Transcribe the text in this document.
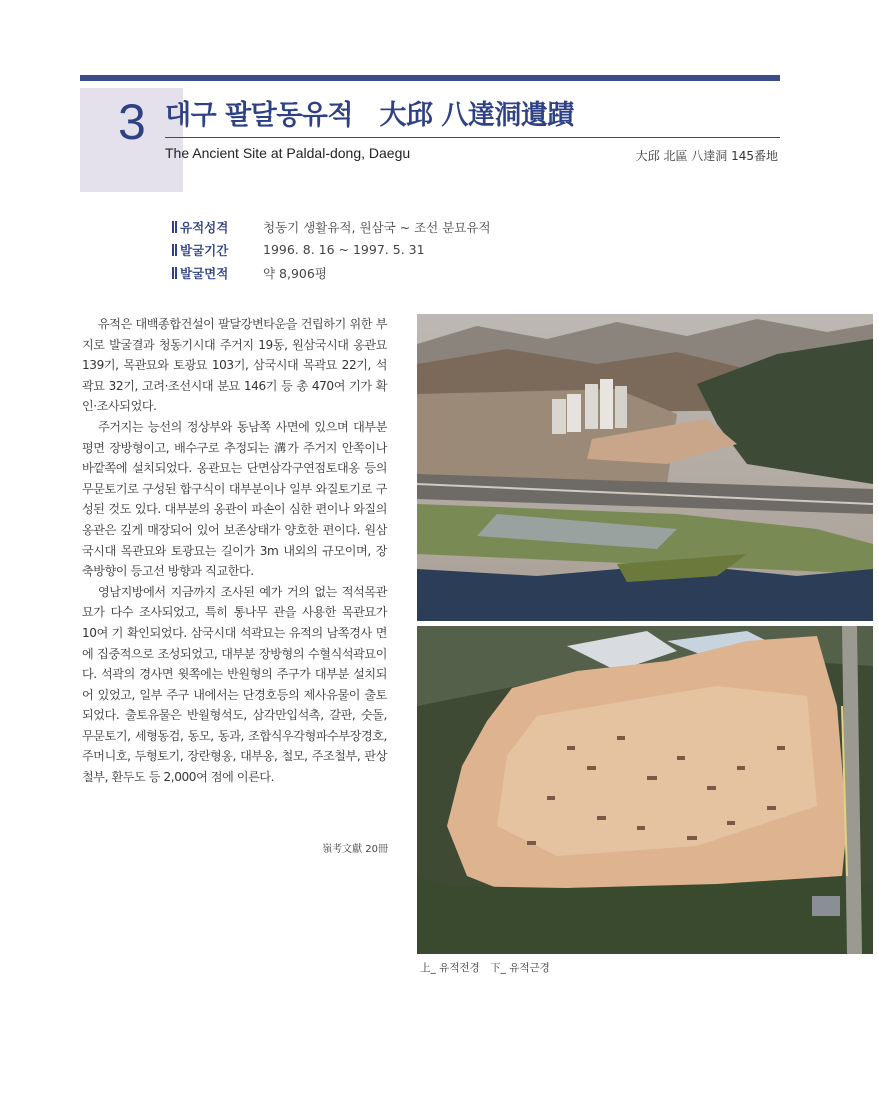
3 대구 팔달동유적　大邱 八達洞遺蹟
The Ancient Site at Paldal-dong, Daegu	大邱 北區 八達洞 145番地
유적성격	청동기 생활유적, 원삼국 ~ 조선 분묘유적
발굴기간	1996. 8. 16 ~ 1997. 5. 31
발굴면적	약 8,906평

유적은 대백종합건설이 팔달강변타운을 건립하기 위한 부지로 발굴결과 청동기시대 주거지 19동, 원삼국시대 옹관묘 139기, 목관묘와 토광묘 103기, 삼국시대 목곽묘 22기, 석곽묘 32기, 고려·조선시대 분묘 146기 등 총 470여 기가 확인·조사되었다.

주거지는 능선의 정상부와 동남쪽 사면에 있으며 대부분 평면 장방형이고, 배수구로 추정되는 溝가 주거지 안쪽이나 바깥쪽에 설치되었다. 옹관묘는 단면삼각구연점토대옹 등의 무문토기로 구성된 합구식이 대부분이나 일부 와질토기로 구성된 것도 있다. 대부분의 옹관이 파손이 심한 편이나 와질의 옹관은 깊게 매장되어 있어 보존상태가 양호한 편이다. 원삼국시대 목관묘와 토광묘는 길이가 3m 내외의 규모이며, 장축방향이 등고선 방향과 직교한다.

영남지방에서 지금까지 조사된 예가 거의 없는 적석목관묘가 다수 조사되었고, 특히 통나무 관을 사용한 목관묘가 10여 기 확인되었다. 삼국시대 석곽묘는 유적의 남쪽경사 면에 집중적으로 조성되었고, 대부분 장방형의 수혈식석곽묘이다. 석곽의 경사면 윗쪽에는 반원형의 주구가 대부분 설치되어 있었고, 일부 주구 내에서는 단경호등의 제사유물이 출토되었다. 출토유물은 반월형석도, 삼각만입석촉, 갈판, 숫돌, 무문토기, 세형동검, 동모, 동과, 조합식우각형파수부장경호, 주머니호, 두형토기, 장란형옹, 대부옹, 철모, 주조철부, 판상철부, 환두도 등 2,000여 점에 이른다.

嶺考文獻 20冊
上_ 유적전경　下_ 유적근경
